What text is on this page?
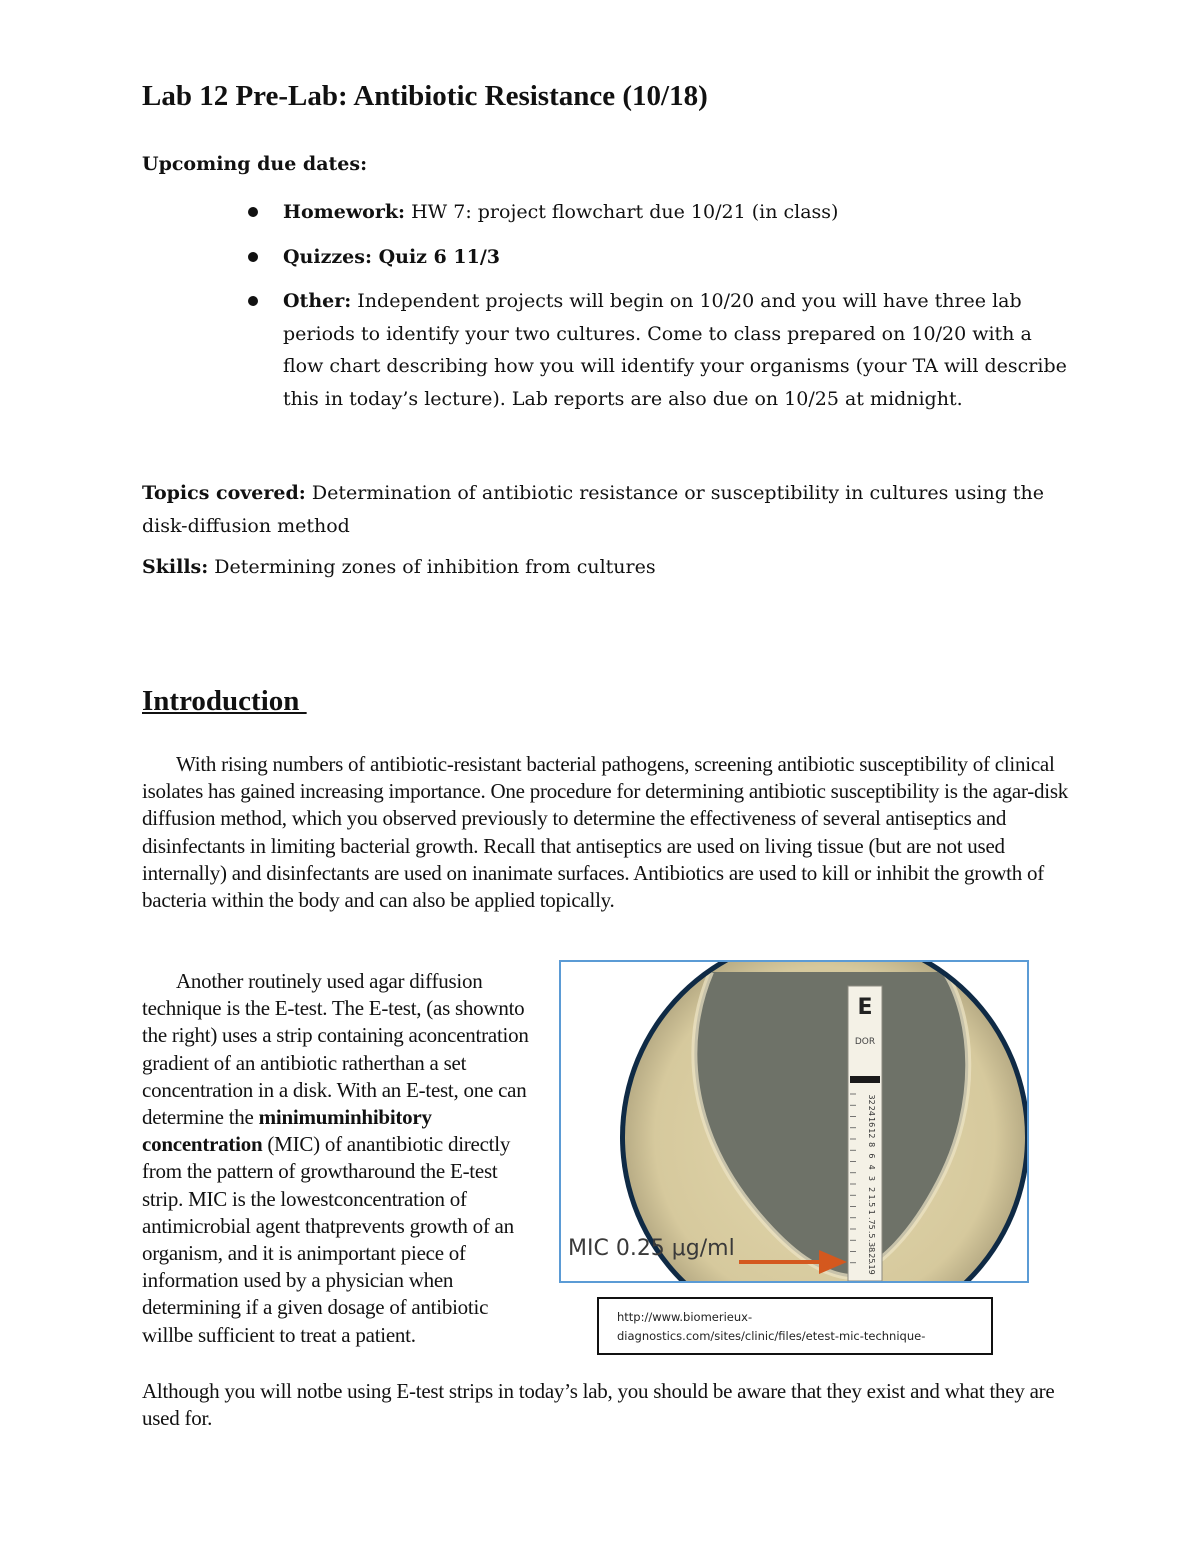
Lab 12 Pre-Lab: Antibiotic Resistance (10/18)

Upcoming due dates:

Homework: HW 7: project flowchart due 10/21 (in class)
Quizzes: Quiz 6 11/3
Other: Independent projects will begin on 10/20 and you will have three lab periods to identify your two cultures. Come to class prepared on 10/20 with a flow chart describing how you will identify your organisms (your TA will describe this in today’s lecture). Lab reports are also due on 10/25 at midnight.

Topics covered: Determination of antibiotic resistance or susceptibility in cultures using the disk-diffusion method

Skills: Determining zones of inhibition from cultures

Introduction

With rising numbers of antibiotic-resistant bacterial pathogens, screening antibiotic susceptibility of clinical isolates has gained increasing importance. One procedure for determining antibiotic susceptibility is the agar-disk diffusion method, which you observed previously to determine the effectiveness of several antiseptics and disinfectants in limiting bacterial growth. Recall that antiseptics are used on living tissue (but are not used internally) and disinfectants are used on inanimate surfaces. Antibiotics are used to kill or inhibit the growth of bacteria within the body and can also be applied topically.

Another routinely used agar diffusion technique is the E-test. The E-test, (as shownto the right) uses a strip containing aconcentration gradient of an antibiotic ratherthan a set concentration in a disk. With an E-test, one can determine the minimuminhibitory concentration (MIC) of anantibiotic directly from the pattern of growtharound the E-test strip. MIC is the lowestconcentration of antimicrobial agent thatprevents growth of an organism, and it is animportant piece of information used by a physician when determining if a given dosage of antibiotic willbe sufficient to treat a patient.

Although you will notbe using E-test strips in today’s lab, you should be aware that they exist and what they are used for.

E
DOR
32
24
16
12
8
6
4
3
2
1.5
1
.75
.5
.38
.25
.19
MIC 0.25 μg/ml
http://www.biomerieux-
diagnostics.com/sites/clinic/files/etest-mic-technique-
